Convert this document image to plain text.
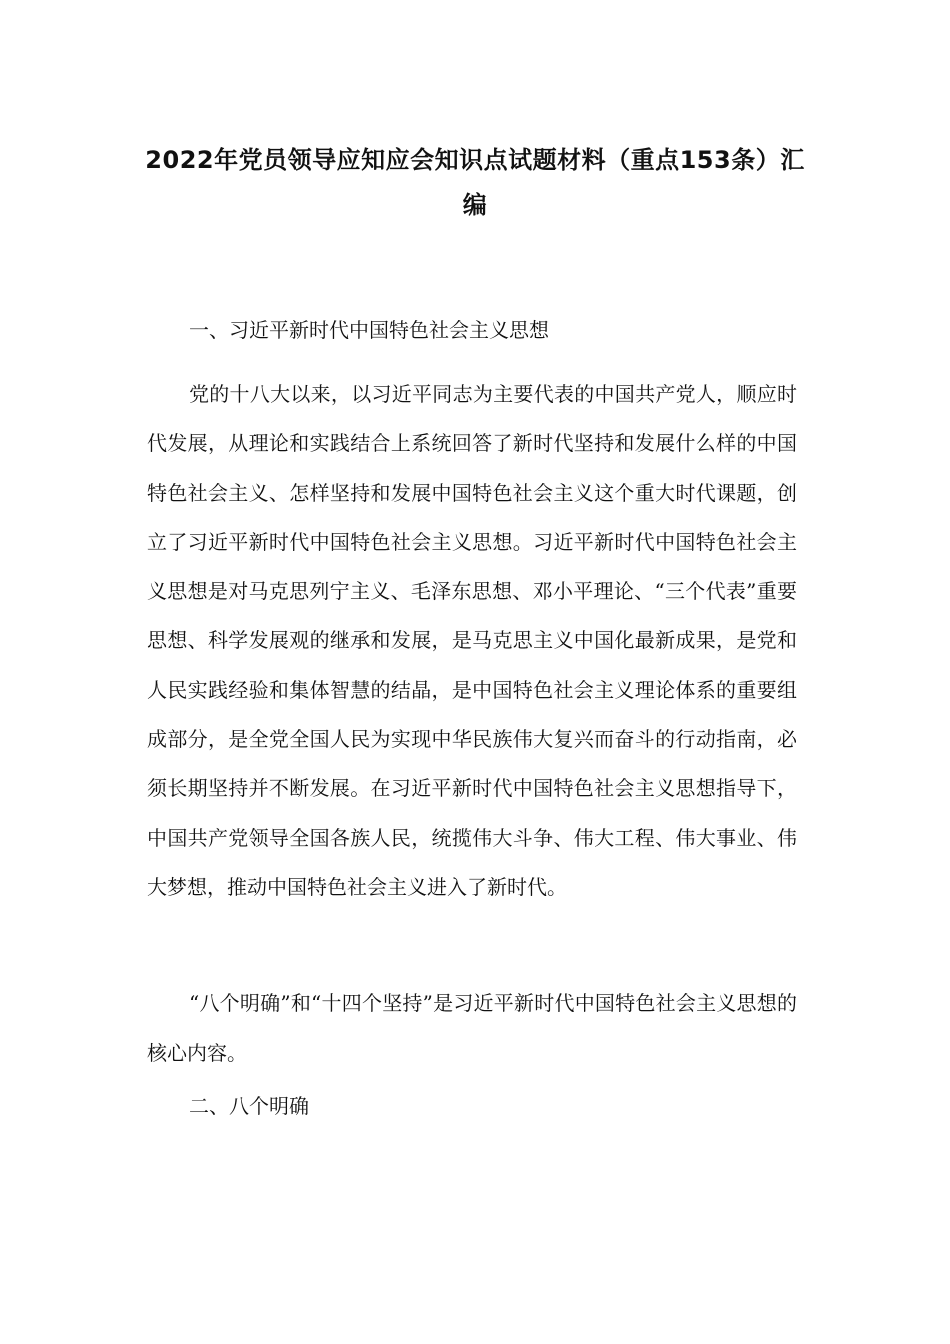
2022年党员领导应知应会知识点试题材料（重点153条）汇编

一、习近平新时代中国特色社会主义思想

党的十八大以来，以习近平同志为主要代表的中国共产党人，顺应时代发展，从理论和实践结合上系统回答了新时代坚持和发展什么样的中国特色社会主义、怎样坚持和发展中国特色社会主义这个重大时代课题，创立了习近平新时代中国特色社会主义思想。习近平新时代中国特色社会主义思想是对马克思列宁主义、毛泽东思想、邓小平理论、“三个代表”重要思想、科学发展观的继承和发展，是马克思主义中国化最新成果，是党和人民实践经验和集体智慧的结晶，是中国特色社会主义理论体系的重要组成部分，是全党全国人民为实现中华民族伟大复兴而奋斗的行动指南，必须长期坚持并不断发展。在习近平新时代中国特色社会主义思想指导下，中国共产党领导全国各族人民，统揽伟大斗争、伟大工程、伟大事业、伟大梦想，推动中国特色社会主义进入了新时代。

“八个明确”和“十四个坚持”是习近平新时代中国特色社会主义思想的核心内容。

二、八个明确
